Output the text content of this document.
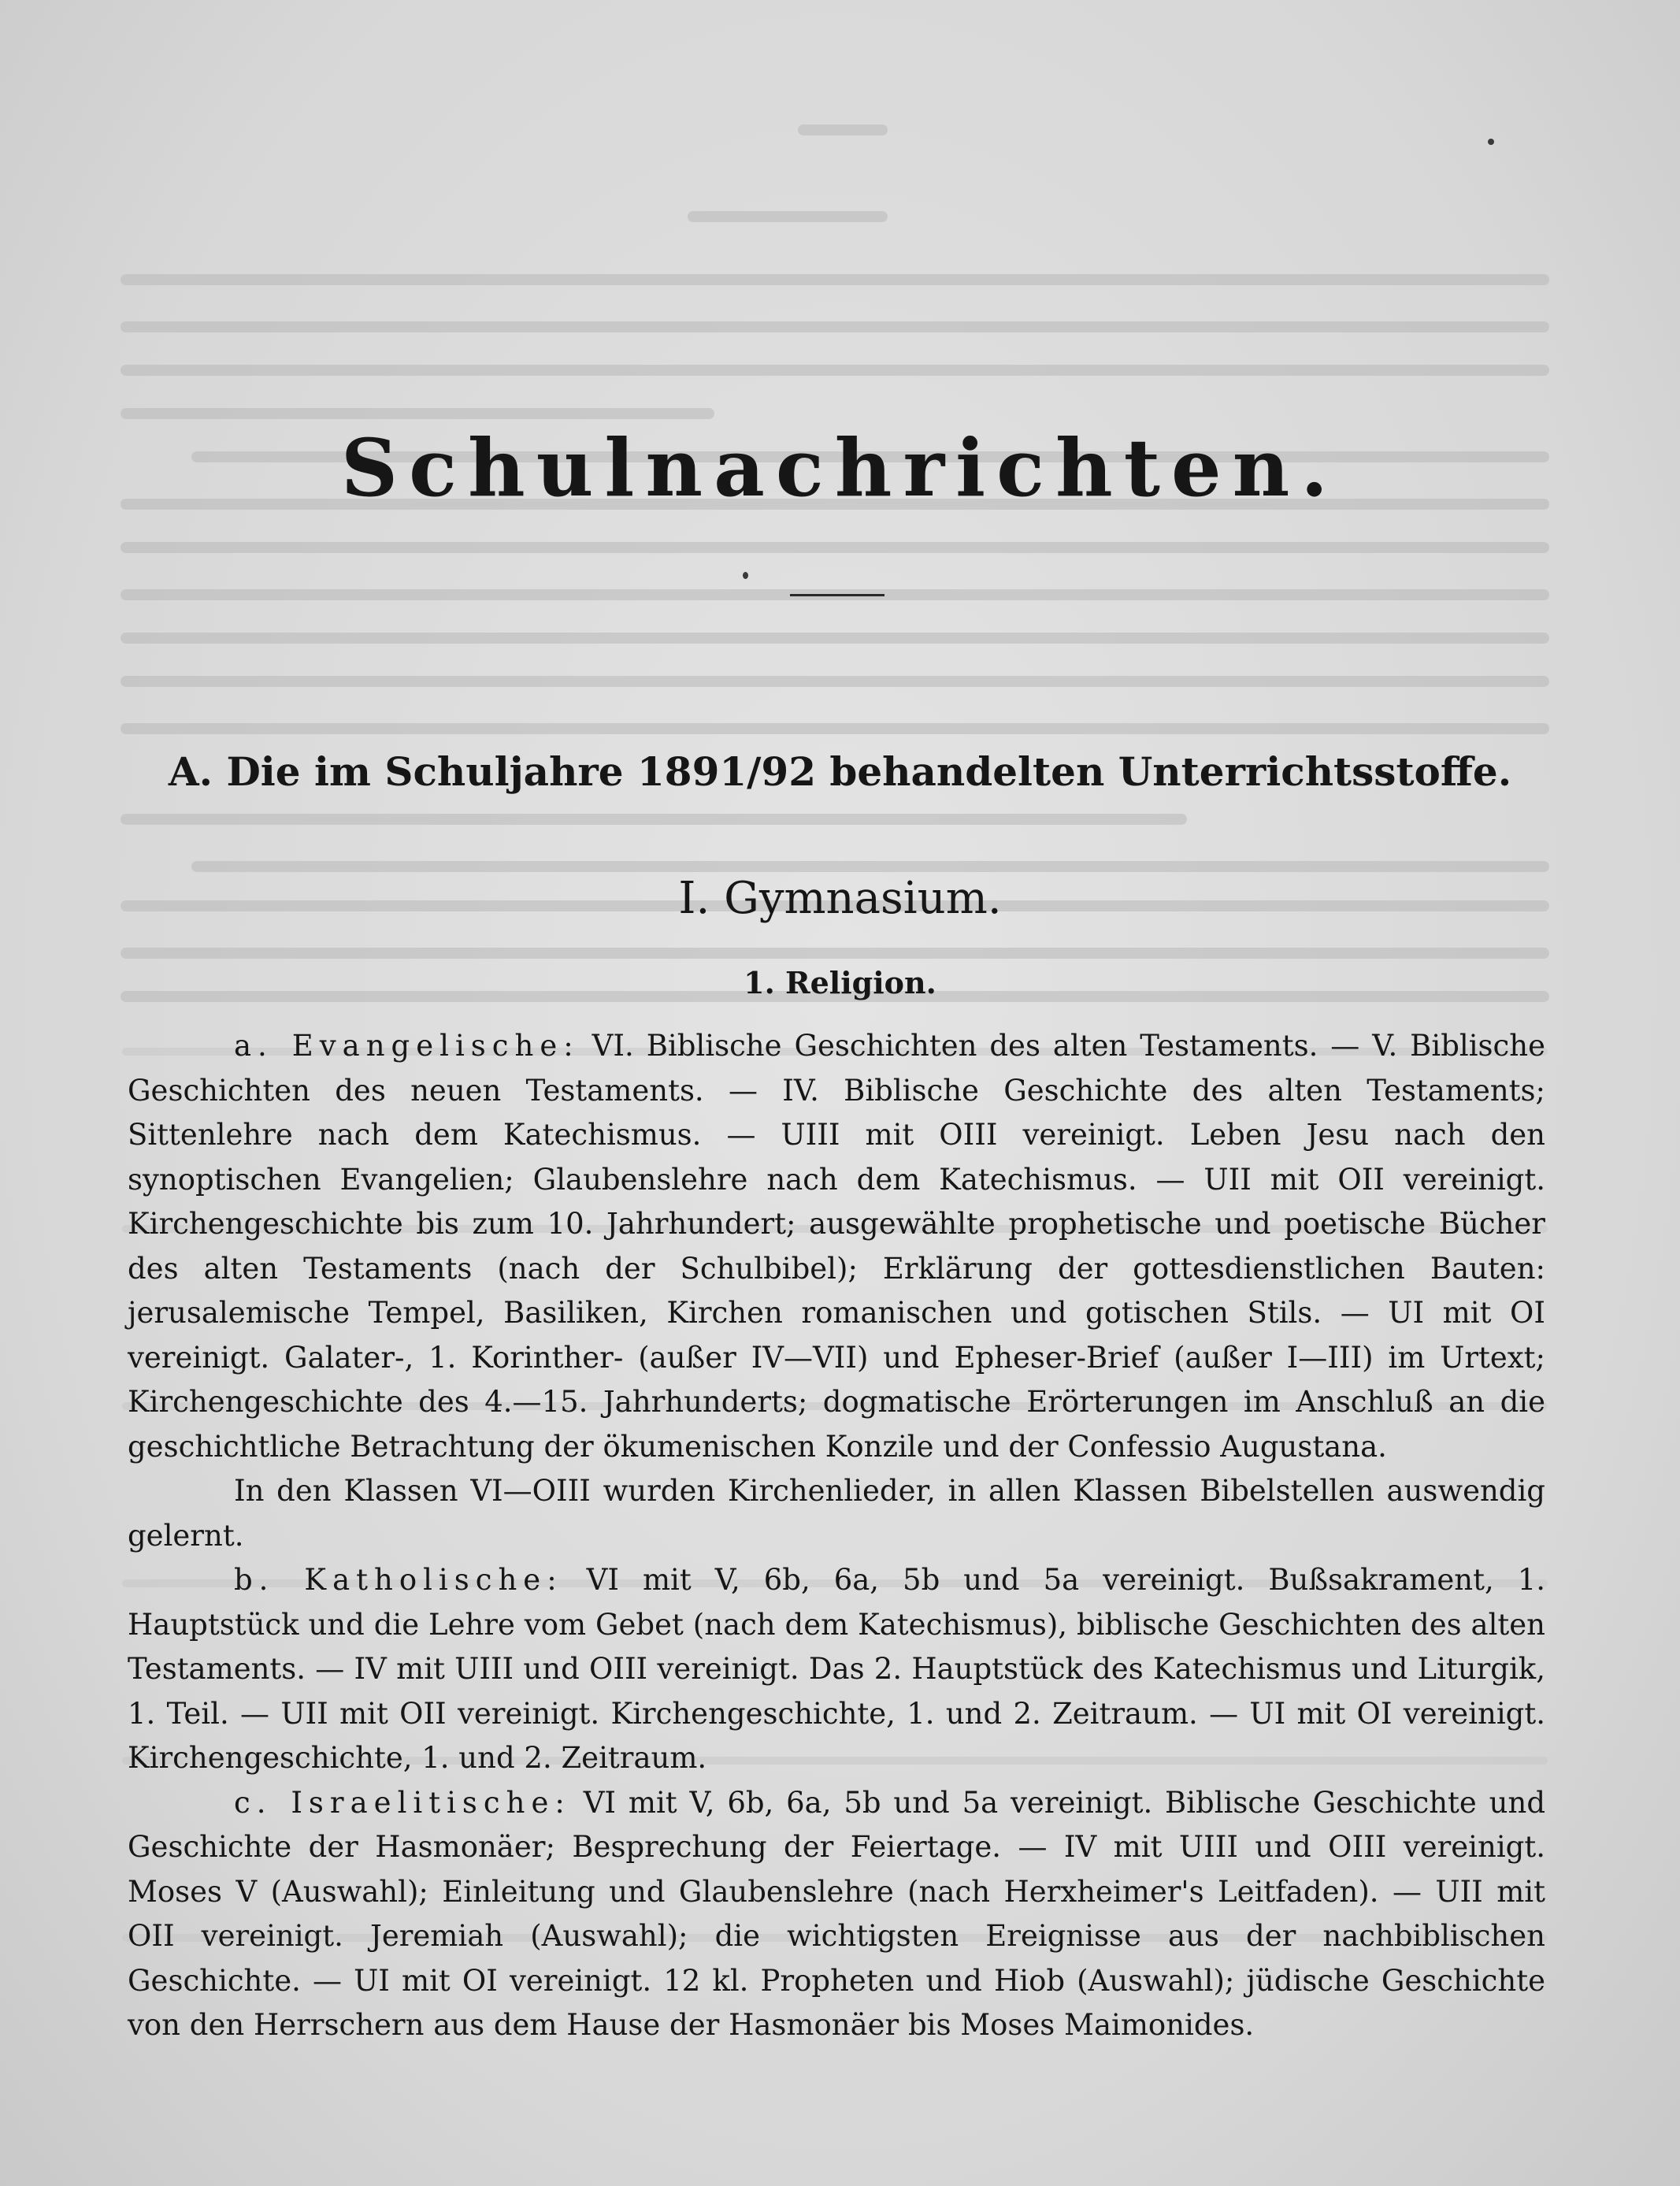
Schulnachrichten.
A. Die im Schuljahre 1891/92 behandelten Unterrichtsstoffe.
I. Gymnasium.
1. Religion.

a. Evangelische: VI. Biblische Geschichten des alten Testaments. — V. Biblische Geschichten des neuen Testaments. — IV. Biblische Geschichte des alten Testaments; Sittenlehre nach dem Katechismus. — UIII mit OIII vereinigt. Leben Jesu nach den synoptischen Evangelien; Glaubenslehre nach dem Katechismus. — UII mit OII vereinigt. Kirchengeschichte bis zum 10. Jahrhundert; ausgewählte prophetische und poetische Bücher des alten Testaments (nach der Schulbibel); Erklärung der gottesdienstlichen Bauten: jerusalemische Tempel, Basiliken, Kirchen romanischen und gotischen Stils. — UI mit OI vereinigt. Galater-, 1. Korinther- (außer IV—VII) und Epheser-Brief (außer I—III) im Urtext; Kirchengeschichte des 4.—15. Jahrhunderts; dogmatische Erörterungen im Anschluß an die geschichtliche Betrachtung der ökumenischen Konzile und der Confessio Augustana.

In den Klassen VI—OIII wurden Kirchenlieder, in allen Klassen Bibelstellen auswendig gelernt.

b. Katholische: VI mit V, 6b, 6a, 5b und 5a vereinigt. Bußsakrament, 1. Hauptstück und die Lehre vom Gebet (nach dem Katechismus), biblische Geschichten des alten Testaments. — IV mit UIII und OIII vereinigt. Das 2. Hauptstück des Katechismus und Liturgik, 1. Teil. — UII mit OII vereinigt. Kirchengeschichte, 1. und 2. Zeitraum. — UI mit OI vereinigt. Kirchengeschichte, 1. und 2. Zeitraum.

c. Israelitische: VI mit V, 6b, 6a, 5b und 5a vereinigt. Biblische Geschichte und Geschichte der Hasmonäer; Besprechung der Feiertage. — IV mit UIII und OIII vereinigt. Moses V (Auswahl); Einleitung und Glaubenslehre (nach Herxheimer's Leitfaden). — UII mit OII vereinigt. Jeremiah (Auswahl); die wichtigsten Ereignisse aus der nachbiblischen Geschichte. — UI mit OI vereinigt. 12 kl. Propheten und Hiob (Auswahl); jüdische Geschichte von den Herrschern aus dem Hause der Hasmonäer bis Moses Maimonides.
